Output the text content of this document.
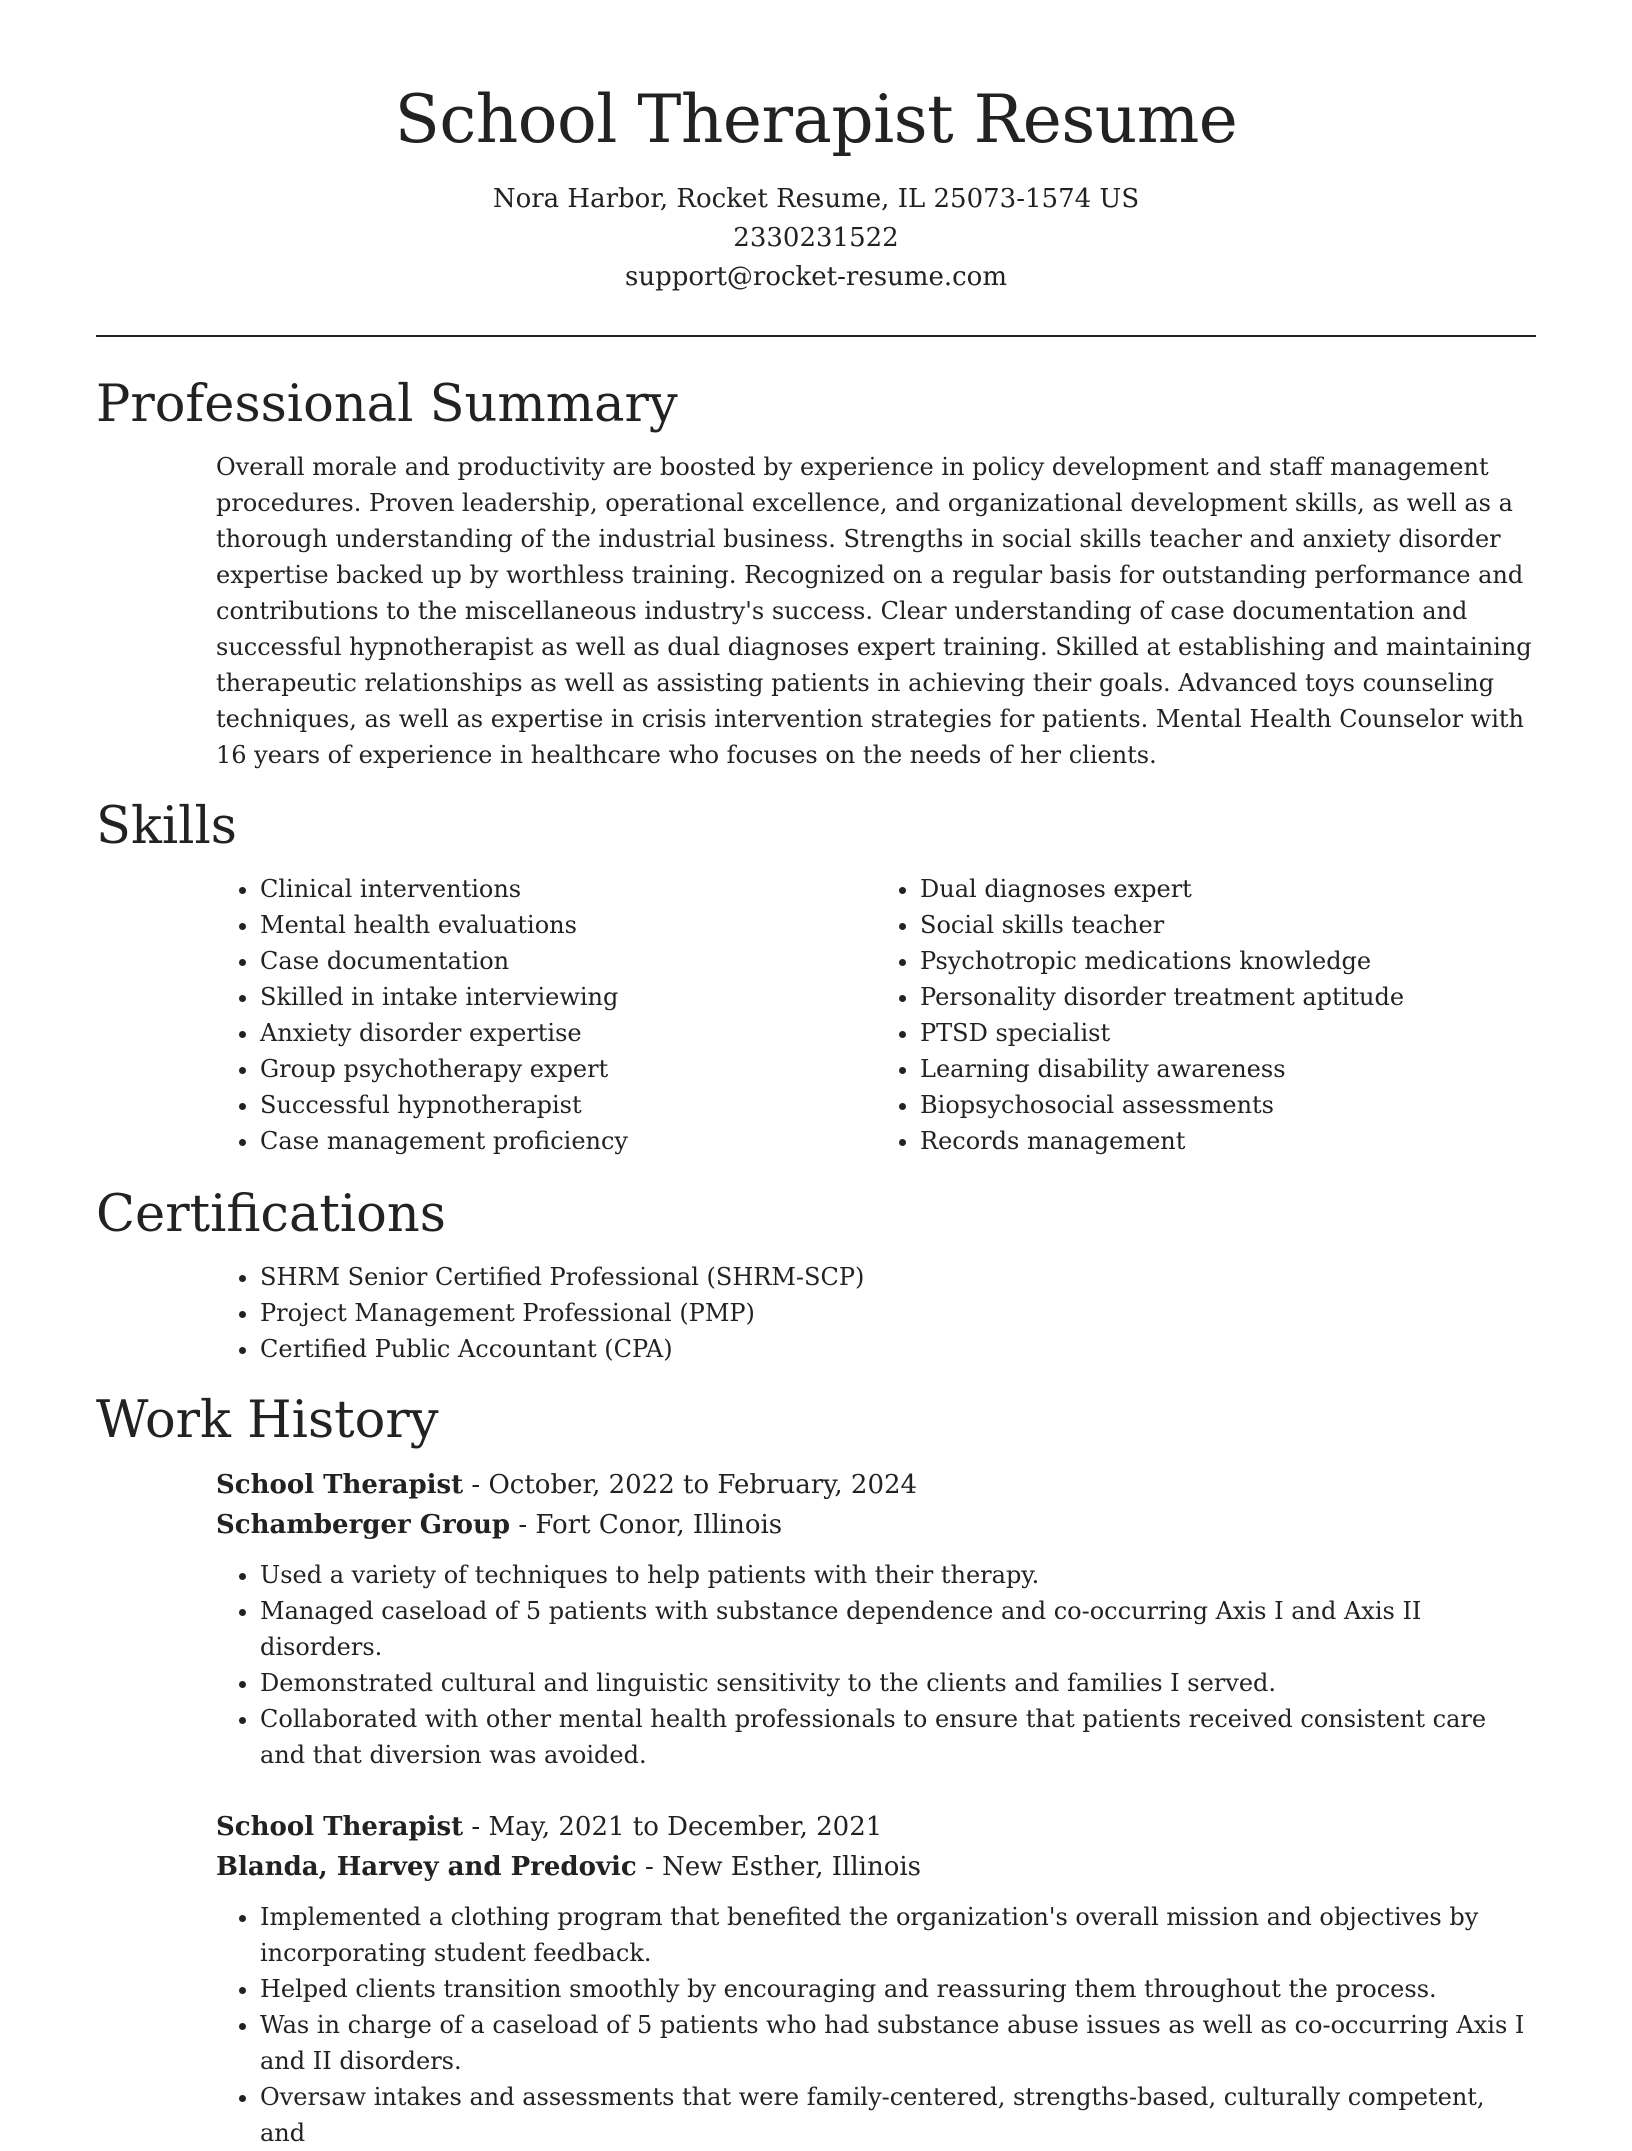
School Therapist Resume

Nora Harbor, Rocket Resume, IL 25073-1574 US

2330231522

support@rocket-resume.com

Professional Summary

Overall morale and productivity are boosted by experience in policy development and staff management procedures. Proven leadership, operational excellence, and organizational development skills, as well as a thorough understanding of the industrial business. Strengths in social skills teacher and anxiety disorder expertise backed up by worthless training. Recognized on a regular basis for outstanding performance and contributions to the miscellaneous industry's success. Clear understanding of case documentation and successful hypnotherapist as well as dual diagnoses expert training. Skilled at establishing and maintaining therapeutic relationships as well as assisting patients in achieving their goals. Advanced toys counseling techniques, as well as expertise in crisis intervention strategies for patients. Mental Health Counselor with 16 years of experience in healthcare who focuses on the needs of her clients.

Skills
• Clinical interventions
• Mental health evaluations
• Case documentation
• Skilled in intake interviewing
• Anxiety disorder expertise
• Group psychotherapy expert
• Successful hypnotherapist
• Case management proficiency
• Dual diagnoses expert
• Social skills teacher
• Psychotropic medications knowledge
• Personality disorder treatment aptitude
• PTSD specialist
• Learning disability awareness
• Biopsychosocial assessments
• Records management
Certifications
• SHRM Senior Certified Professional (SHRM-SCP)
• Project Management Professional (PMP)
• Certified Public Accountant (CPA)
Work History

School Therapist - October, 2022 to February, 2024

Schamberger Group - Fort Conor, Illinois

• Used a variety of techniques to help patients with their therapy.
• Managed caseload of 5 patients with substance dependence and co-occurring Axis I and Axis II disorders.
• Demonstrated cultural and linguistic sensitivity to the clients and families I served.
• Collaborated with other mental health professionals to ensure that patients received consistent care and that diversion was avoided.

School Therapist - May, 2021 to December, 2021

Blanda, Harvey and Predovic - New Esther, Illinois

• Implemented a clothing program that benefited the organization's overall mission and objectives by incorporating student feedback.
• Helped clients transition smoothly by encouraging and reassuring them throughout the process.
• Was in charge of a caseload of 5 patients who had substance abuse issues as well as co-occurring Axis I and II disorders.
• Oversaw intakes and assessments that were family-centered, strengths-based, culturally competent, and
